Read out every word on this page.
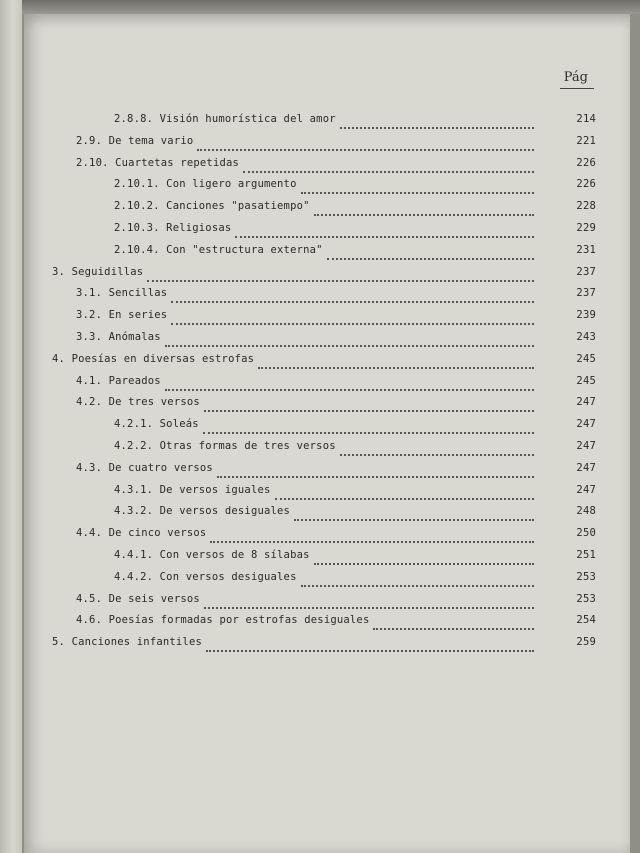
Pág
2.8.8. Visión humorística del amor	214
2.9. De tema vario	221
2.10. Cuartetas repetidas	226
2.10.1. Con ligero argumento	226
2.10.2. Canciones "pasatiempo"	228
2.10.3. Religiosas	229
2.10.4. Con "estructura externa"	231
3. Seguidillas	237
3.1. Sencillas	237
3.2. En series	239
3.3. Anómalas	243
4. Poesías en diversas estrofas	245
4.1. Pareados	245
4.2. De tres versos	247
4.2.1. Soleás	247
4.2.2. Otras formas de tres versos	247
4.3. De cuatro versos	247
4.3.1. De versos iguales	247
4.3.2. De versos desiguales	248
4.4. De cinco versos	250
4.4.1. Con versos de 8 sílabas	251
4.4.2. Con versos desiguales	253
4.5. De seis versos	253
4.6. Poesías formadas por estrofas desiguales	254
5. Canciones infantiles	259
